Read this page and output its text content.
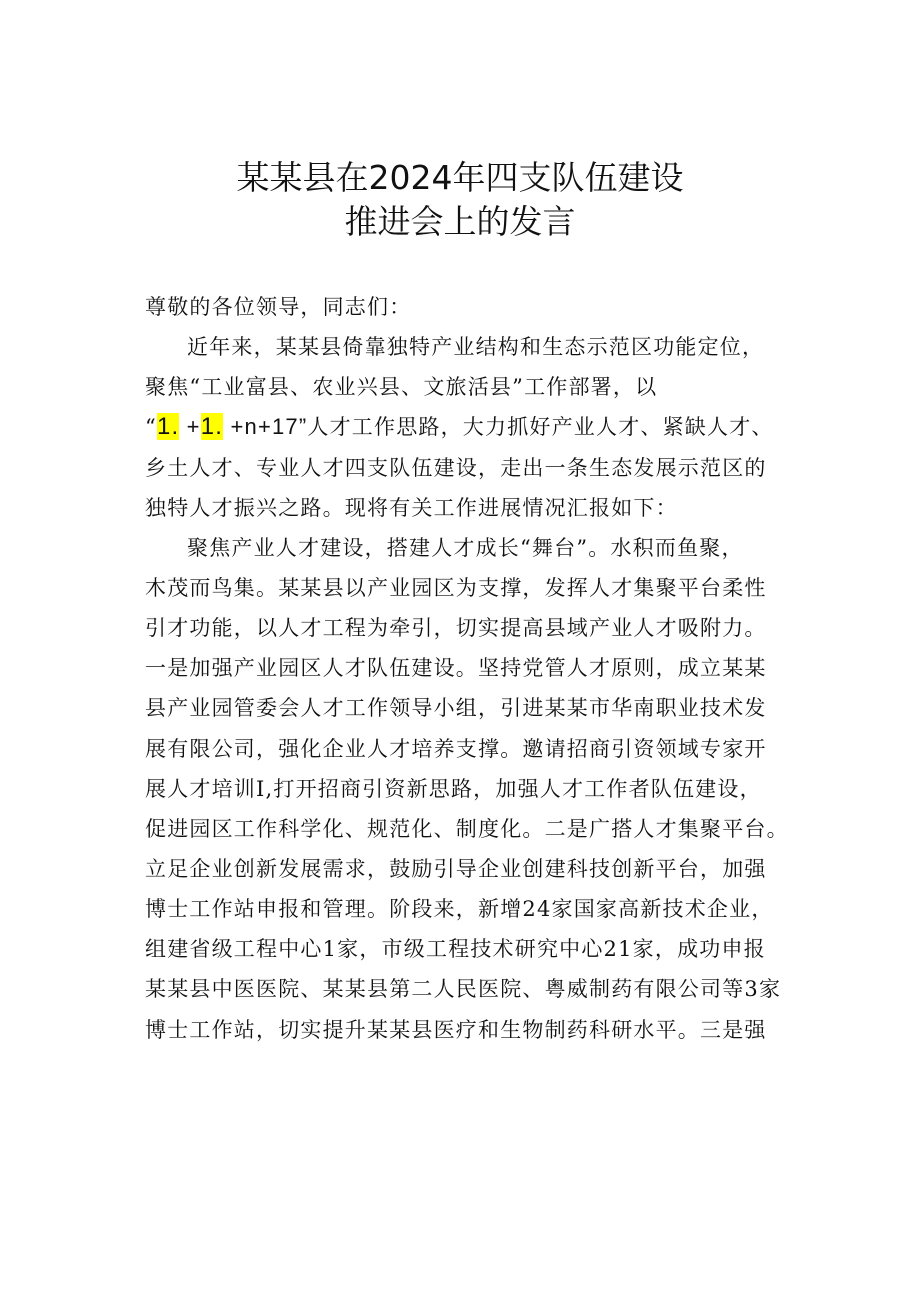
某某县在2024年四支队伍建设
推进会上的发言
尊敬的各位领导，同志们：
近年来，某某县倚靠独特产业结构和生态示范区功能定位，
聚焦“工业富县、农业兴县、文旅活县”工作部署，以
“1. +1. +n+17”人才工作思路，大力抓好产业人才、紧缺人才、
乡土人才、专业人才四支队伍建设，走出一条生态发展示范区的
独特人才振兴之路。现将有关工作进展情况汇报如下：
聚焦产业人才建设，搭建人才成长“舞台”。水积而鱼聚，
木茂而鸟集。某某县以产业园区为支撑，发挥人才集聚平台柔性
引才功能，以人才工程为牵引，切实提高县域产业人才吸附力。
一是加强产业园区人才队伍建设。坚持党管人才原则，成立某某
县产业园管委会人才工作领导小组，引进某某市华南职业技术发
展有限公司，强化企业人才培养支撑。邀请招商引资领域专家开
展人才培训I,打开招商引资新思路，加强人才工作者队伍建设，
促进园区工作科学化、规范化、制度化。二是广搭人才集聚平台。
立足企业创新发展需求，鼓励引导企业创建科技创新平台，加强
博士工作站申报和管理。阶段来，新增24家国家高新技术企业，
组建省级工程中心1家，市级工程技术研究中心21家，成功申报
某某县中医医院、某某县第二人民医院、粤威制药有限公司等3家
博士工作站，切实提升某某县医疗和生物制药科研水平。三是强
